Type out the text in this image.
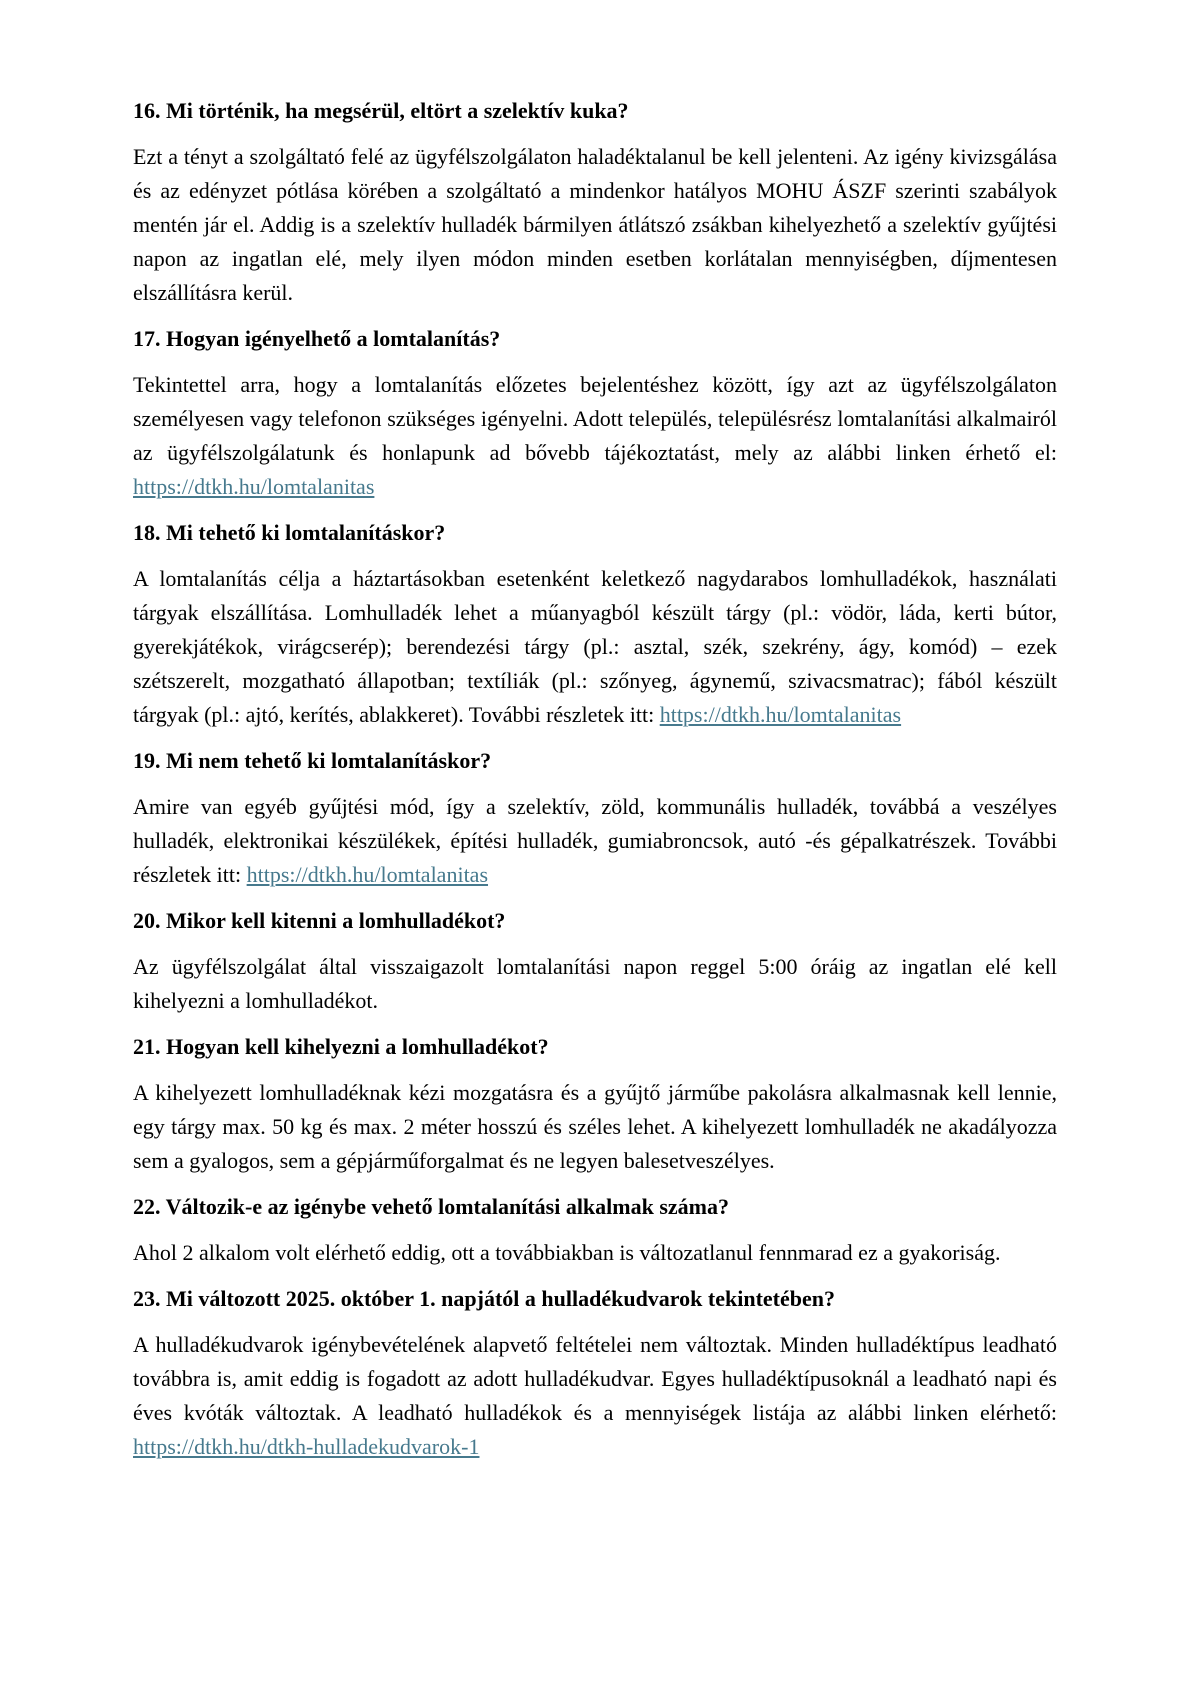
16. Mi történik, ha megsérül, eltört a szelektív kuka?

Ezt a tényt a szolgáltató felé az ügyfélszolgálaton haladéktalanul be kell jelenteni. Az igény kivizsgálása és az edényzet pótlása körében a szolgáltató a mindenkor hatályos MOHU ÁSZF szerinti szabályok mentén jár el. Addig is a szelektív hulladék bármilyen átlátszó zsákban kihelyezhető a szelektív gyűjtési napon az ingatlan elé, mely ilyen módon minden esetben korlátalan mennyiségben, díjmentesen elszállításra kerül.

17. Hogyan igényelhető a lomtalanítás?

Tekintettel arra, hogy a lomtalanítás előzetes bejelentéshez között, így azt az ügyfélszolgálaton személyesen vagy telefonon szükséges igényelni. Adott település, településrész lomtalanítási alkalmairól az ügyfélszolgálatunk és honlapunk ad bővebb tájékoztatást, mely az alábbi linken érhető el: https://dtkh.hu/lomtalanitas

18. Mi tehető ki lomtalanításkor?

A lomtalanítás célja a háztartásokban esetenként keletkező nagydarabos lomhulladékok, használati tárgyak elszállítása. Lomhulladék lehet a műanyagból készült tárgy (pl.: vödör, láda, kerti bútor, gyerekjátékok, virágcserép); berendezési tárgy (pl.: asztal, szék, szekrény, ágy, komód) – ezek szétszerelt, mozgatható állapotban; textíliák (pl.: szőnyeg, ágynemű, szivacsmatrac); fából készült tárgyak (pl.: ajtó, kerítés, ablakkeret). További részletek itt: https://dtkh.hu/lomtalanitas

19. Mi nem tehető ki lomtalanításkor?

Amire van egyéb gyűjtési mód, így a szelektív, zöld, kommunális hulladék, továbbá a veszélyes hulladék, elektronikai készülékek, építési hulladék, gumiabroncsok, autó -és gépalkatrészek. További részletek itt: https://dtkh.hu/lomtalanitas

20. Mikor kell kitenni a lomhulladékot?

Az ügyfélszolgálat által visszaigazolt lomtalanítási napon reggel 5:00 óráig az ingatlan elé kell kihelyezni a lomhulladékot.

21. Hogyan kell kihelyezni a lomhulladékot?

A kihelyezett lomhulladéknak kézi mozgatásra és a gyűjtő járműbe pakolásra alkalmasnak kell lennie, egy tárgy max. 50 kg és max. 2 méter hosszú és széles lehet. A kihelyezett lomhulladék ne akadályozza sem a gyalogos, sem a gépjárműforgalmat és ne legyen balesetveszélyes.

22. Változik-e az igénybe vehető lomtalanítási alkalmak száma?

Ahol 2 alkalom volt elérhető eddig, ott a továbbiakban is változatlanul fennmarad ez a gyakoriság.

23. Mi változott 2025. október 1. napjától a hulladékudvarok tekintetében?

A hulladékudvarok igénybevételének alapvető feltételei nem változtak. Minden hulladéktípus leadható továbbra is, amit eddig is fogadott az adott hulladékudvar. Egyes hulladéktípusoknál a leadható napi és éves kvóták változtak. A leadható hulladékok és a mennyiségek listája az alábbi linken elérhető: https://dtkh.hu/dtkh-hulladekudvarok-1
